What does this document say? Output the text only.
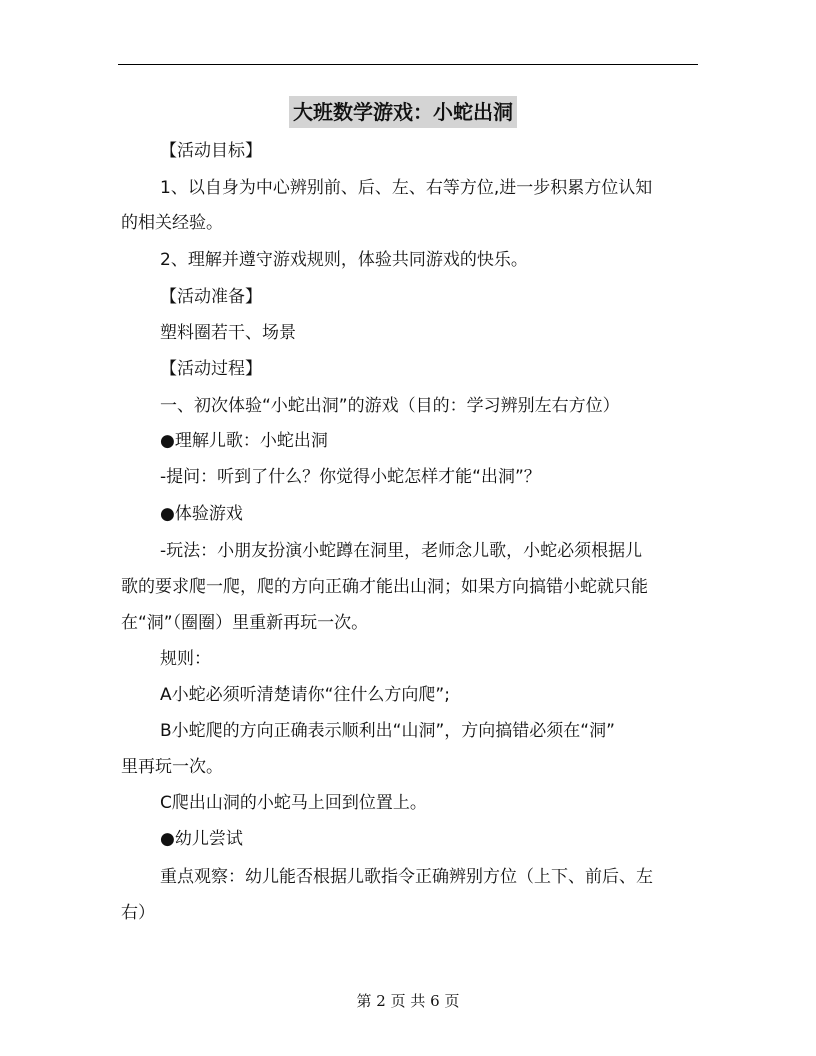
大班数学游戏：小蛇出洞
【活动目标】
1、以自身为中心辨别前、后、左、右等方位,进一步积累方位认知
的相关经验。
2、理解并遵守游戏规则，体验共同游戏的快乐。
【活动准备】
塑料圈若干、场景
【活动过程】
一、初次体验“小蛇出洞”的游戏（目的：学习辨别左右方位）
●理解儿歌：小蛇出洞
-提问：听到了什么？你觉得小蛇怎样才能“出洞”？
●体验游戏
-玩法：小朋友扮演小蛇蹲在洞里，老师念儿歌，小蛇必须根据儿
歌的要求爬一爬，爬的方向正确才能出山洞；如果方向搞错小蛇就只能
在“洞”（圈圈）里重新再玩一次。
规则：
A小蛇必须听清楚请你“往什么方向爬”;
B小蛇爬的方向正确表示顺利出“山洞”，方向搞错必须在“洞”
里再玩一次。
C爬出山洞的小蛇马上回到位置上。
●幼儿尝试
重点观察：幼儿能否根据儿歌指令正确辨别方位（上下、前后、左
右）
第 2 页 共 6 页
